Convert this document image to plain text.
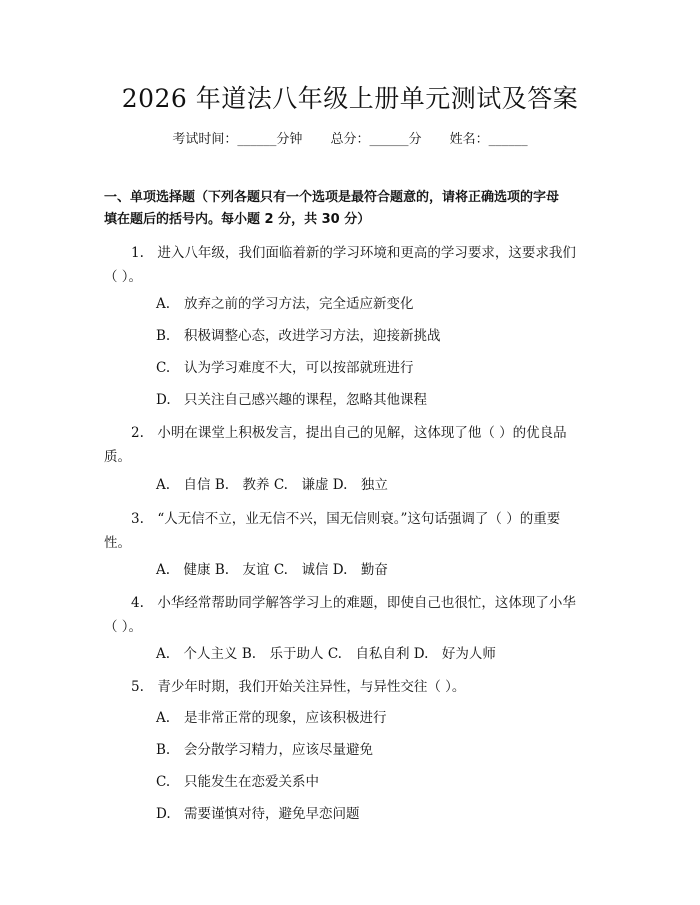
2026 年道法八年级上册单元测试及答案
考试时间：______分钟 总分：______分 姓名：______
一、单项选择题（下列各题只有一个选项是最符合题意的，请将正确选项的字母
填在题后的括号内。每小题 2 分，共 30 分）
1.　进入八年级，我们面临着新的学习环境和更高的学习要求，这要求我们
（ ）。
A. 放弃之前的学习方法，完全适应新变化
B. 积极调整心态，改进学习方法，迎接新挑战
C. 认为学习难度不大，可以按部就班进行
D. 只关注自己感兴趣的课程，忽略其他课程
2.　小明在课堂上积极发言，提出自己的见解，这体现了他（ ）的优良品
质。
A.　自信 B.　教养 C.　谦虚 D.　独立
3.　“人无信不立，业无信不兴，国无信则衰。”这句话强调了（ ）的重要
性。
A.　健康 B.　友谊 C.　诚信 D.　勤奋
4.　小华经常帮助同学解答学习上的难题，即使自己也很忙，这体现了小华
（ ）。
A.　个人主义 B.　乐于助人 C.　自私自利 D.　好为人师
5.　青少年时期，我们开始关注异性，与异性交往（ ）。
A. 是非常正常的现象，应该积极进行
B. 会分散学习精力，应该尽量避免
C. 只能发生在恋爱关系中
D. 需要谨慎对待，避免早恋问题
